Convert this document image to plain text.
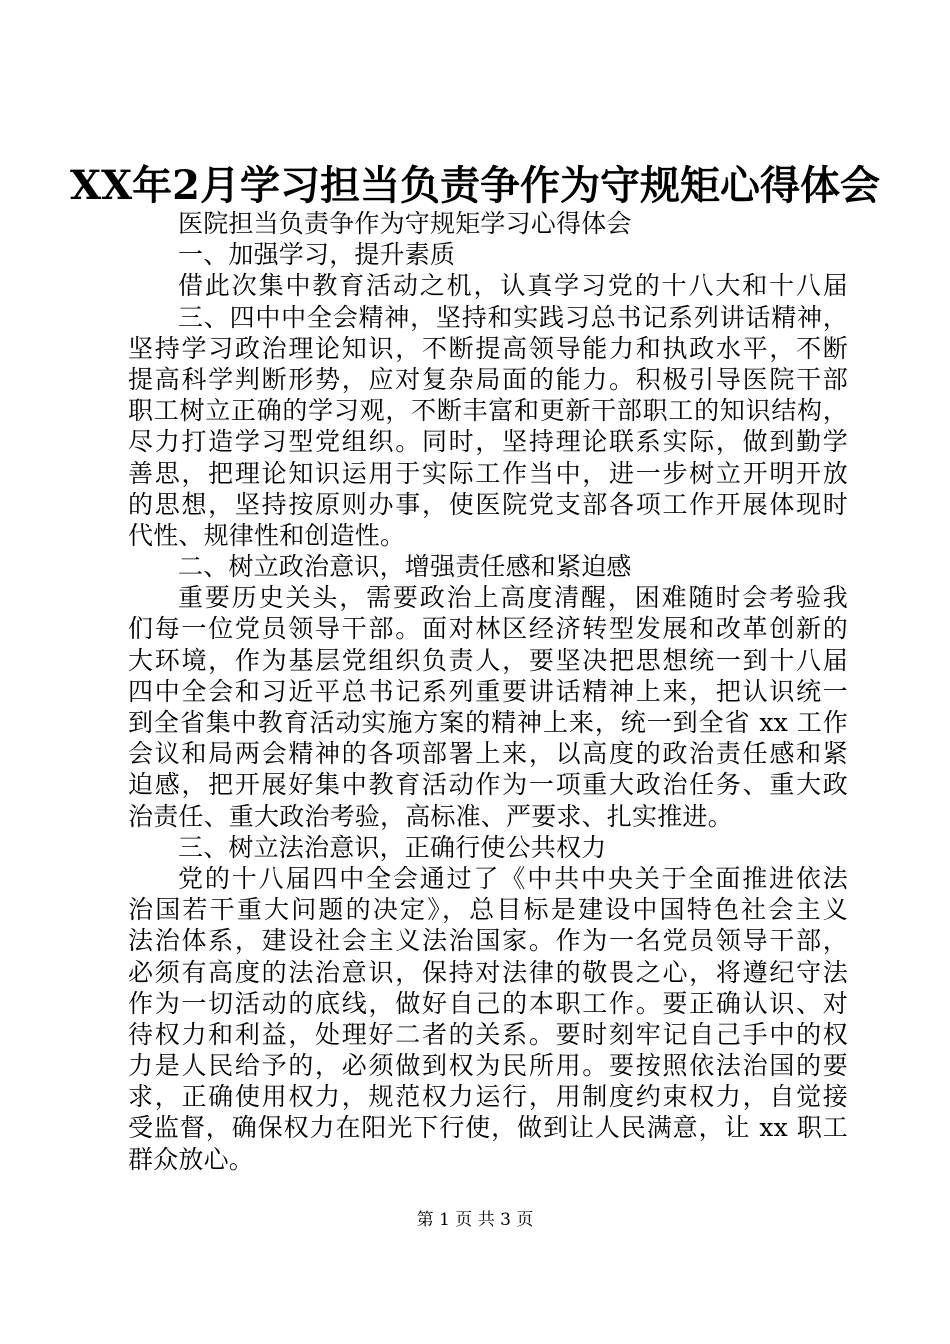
XX年2月学习担当负责争作为守规矩心得体会
医院担当负责争作为守规矩学习心得体会
一、加强学习，提升素质
借此次集中教育活动之机，认真学习党的十八大和十八届
三、四中中全会精神，坚持和实践习总书记系列讲话精神，
坚持学习政治理论知识，不断提高领导能力和执政水平，不断
提高科学判断形势，应对复杂局面的能力。积极引导医院干部
职工树立正确的学习观，不断丰富和更新干部职工的知识结构，
尽力打造学习型党组织。同时，坚持理论联系实际，做到勤学
善思，把理论知识运用于实际工作当中，进一步树立开明开放
的思想，坚持按原则办事，使医院党支部各项工作开展体现时
代性、规律性和创造性。
二、树立政治意识，增强责任感和紧迫感
重要历史关头，需要政治上高度清醒，困难随时会考验我
们每一位党员领导干部。面对林区经济转型发展和改革创新的
大环境，作为基层党组织负责人，要坚决把思想统一到十八届
四中全会和习近平总书记系列重要讲话精神上来，把认识统一
到全省集中教育活动实施方案的精神上来，统一到全省 xx 工作
会议和局两会精神的各项部署上来，以高度的政治责任感和紧
迫感，把开展好集中教育活动作为一项重大政治任务、重大政
治责任、重大政治考验，高标准、严要求、扎实推进。
三、树立法治意识，正确行使公共权力
党的十八届四中全会通过了《中共中央关于全面推进依法
治国若干重大问题的决定》，总目标是建设中国特色社会主义
法治体系，建设社会主义法治国家。作为一名党员领导干部，
必须有高度的法治意识，保持对法律的敬畏之心，将遵纪守法
作为一切活动的底线，做好自己的本职工作。要正确认识、对
待权力和利益，处理好二者的关系。要时刻牢记自己手中的权
力是人民给予的，必须做到权为民所用。要按照依法治国的要
求，正确使用权力，规范权力运行，用制度约束权力，自觉接
受监督，确保权力在阳光下行使，做到让人民满意，让 xx 职工
群众放心。
第 1 页 共 3 页
